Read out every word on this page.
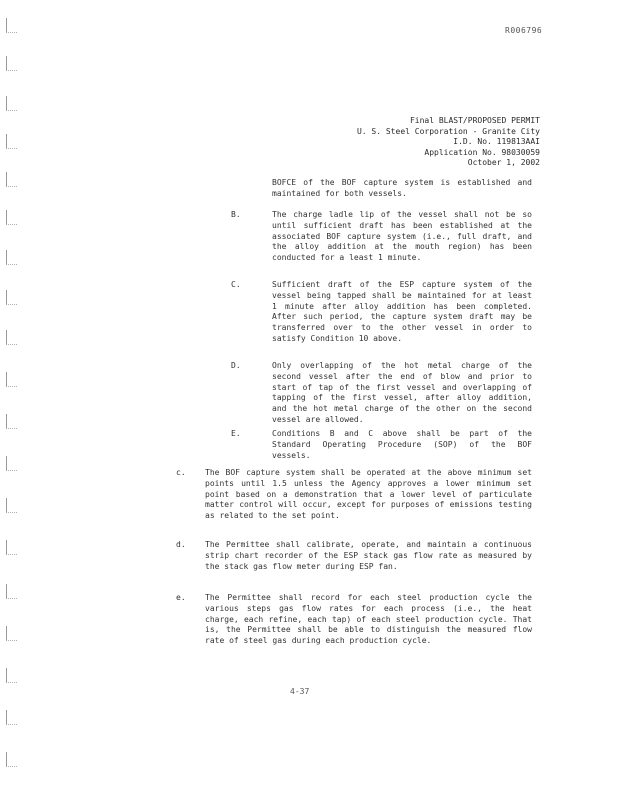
R006796
Final BLAST/PROPOSED PERMIT
U. S. Steel Corporation - Granite City
I.D. No. 119813AAI
Application No. 98030059
October 1, 2002
BOFCE of the BOF capture system is established and maintained for both vessels.
B.	The charge ladle lip of the vessel shall not be so until sufficient draft has been established at the associated BOF capture system (i.e., full draft, and the alloy addition at the mouth region) has been conducted for a least 1 minute.
C.	Sufficient draft of the ESP capture system of the vessel being tapped shall be maintained for at least 1 minute after alloy addition has been completed. After such period, the capture system draft may be transferred over to the other vessel in order to satisfy Condition 10 above.
D.	Only overlapping of the hot metal charge of the second vessel after the end of blow and prior to start of tap of the first vessel and overlapping of tapping of the first vessel, after alloy addition, and the hot metal charge of the other on the second vessel are allowed.
E.	Conditions B and C above shall be part of the Standard Operating Procedure (SOP) of the BOF vessels.
c. The BOF capture system shall be operated at the above minimum set points until 1.5 unless the Agency approves a lower minimum set point based on a demonstration that a lower level of particulate matter control will occur, except for purposes of emissions testing as related to the set point.
d. The Permittee shall calibrate, operate, and maintain a continuous strip chart recorder of the ESP stack gas flow rate as measured by the stack gas flow meter during ESP fan.
e. The Permittee shall record for each steel production cycle the various steps gas flow rates for each process (i.e., the heat charge, each refine, each tap) of each steel production cycle. That is, the Permittee shall be able to distinguish the measured flow rate of steel gas during each production cycle.
4-37
